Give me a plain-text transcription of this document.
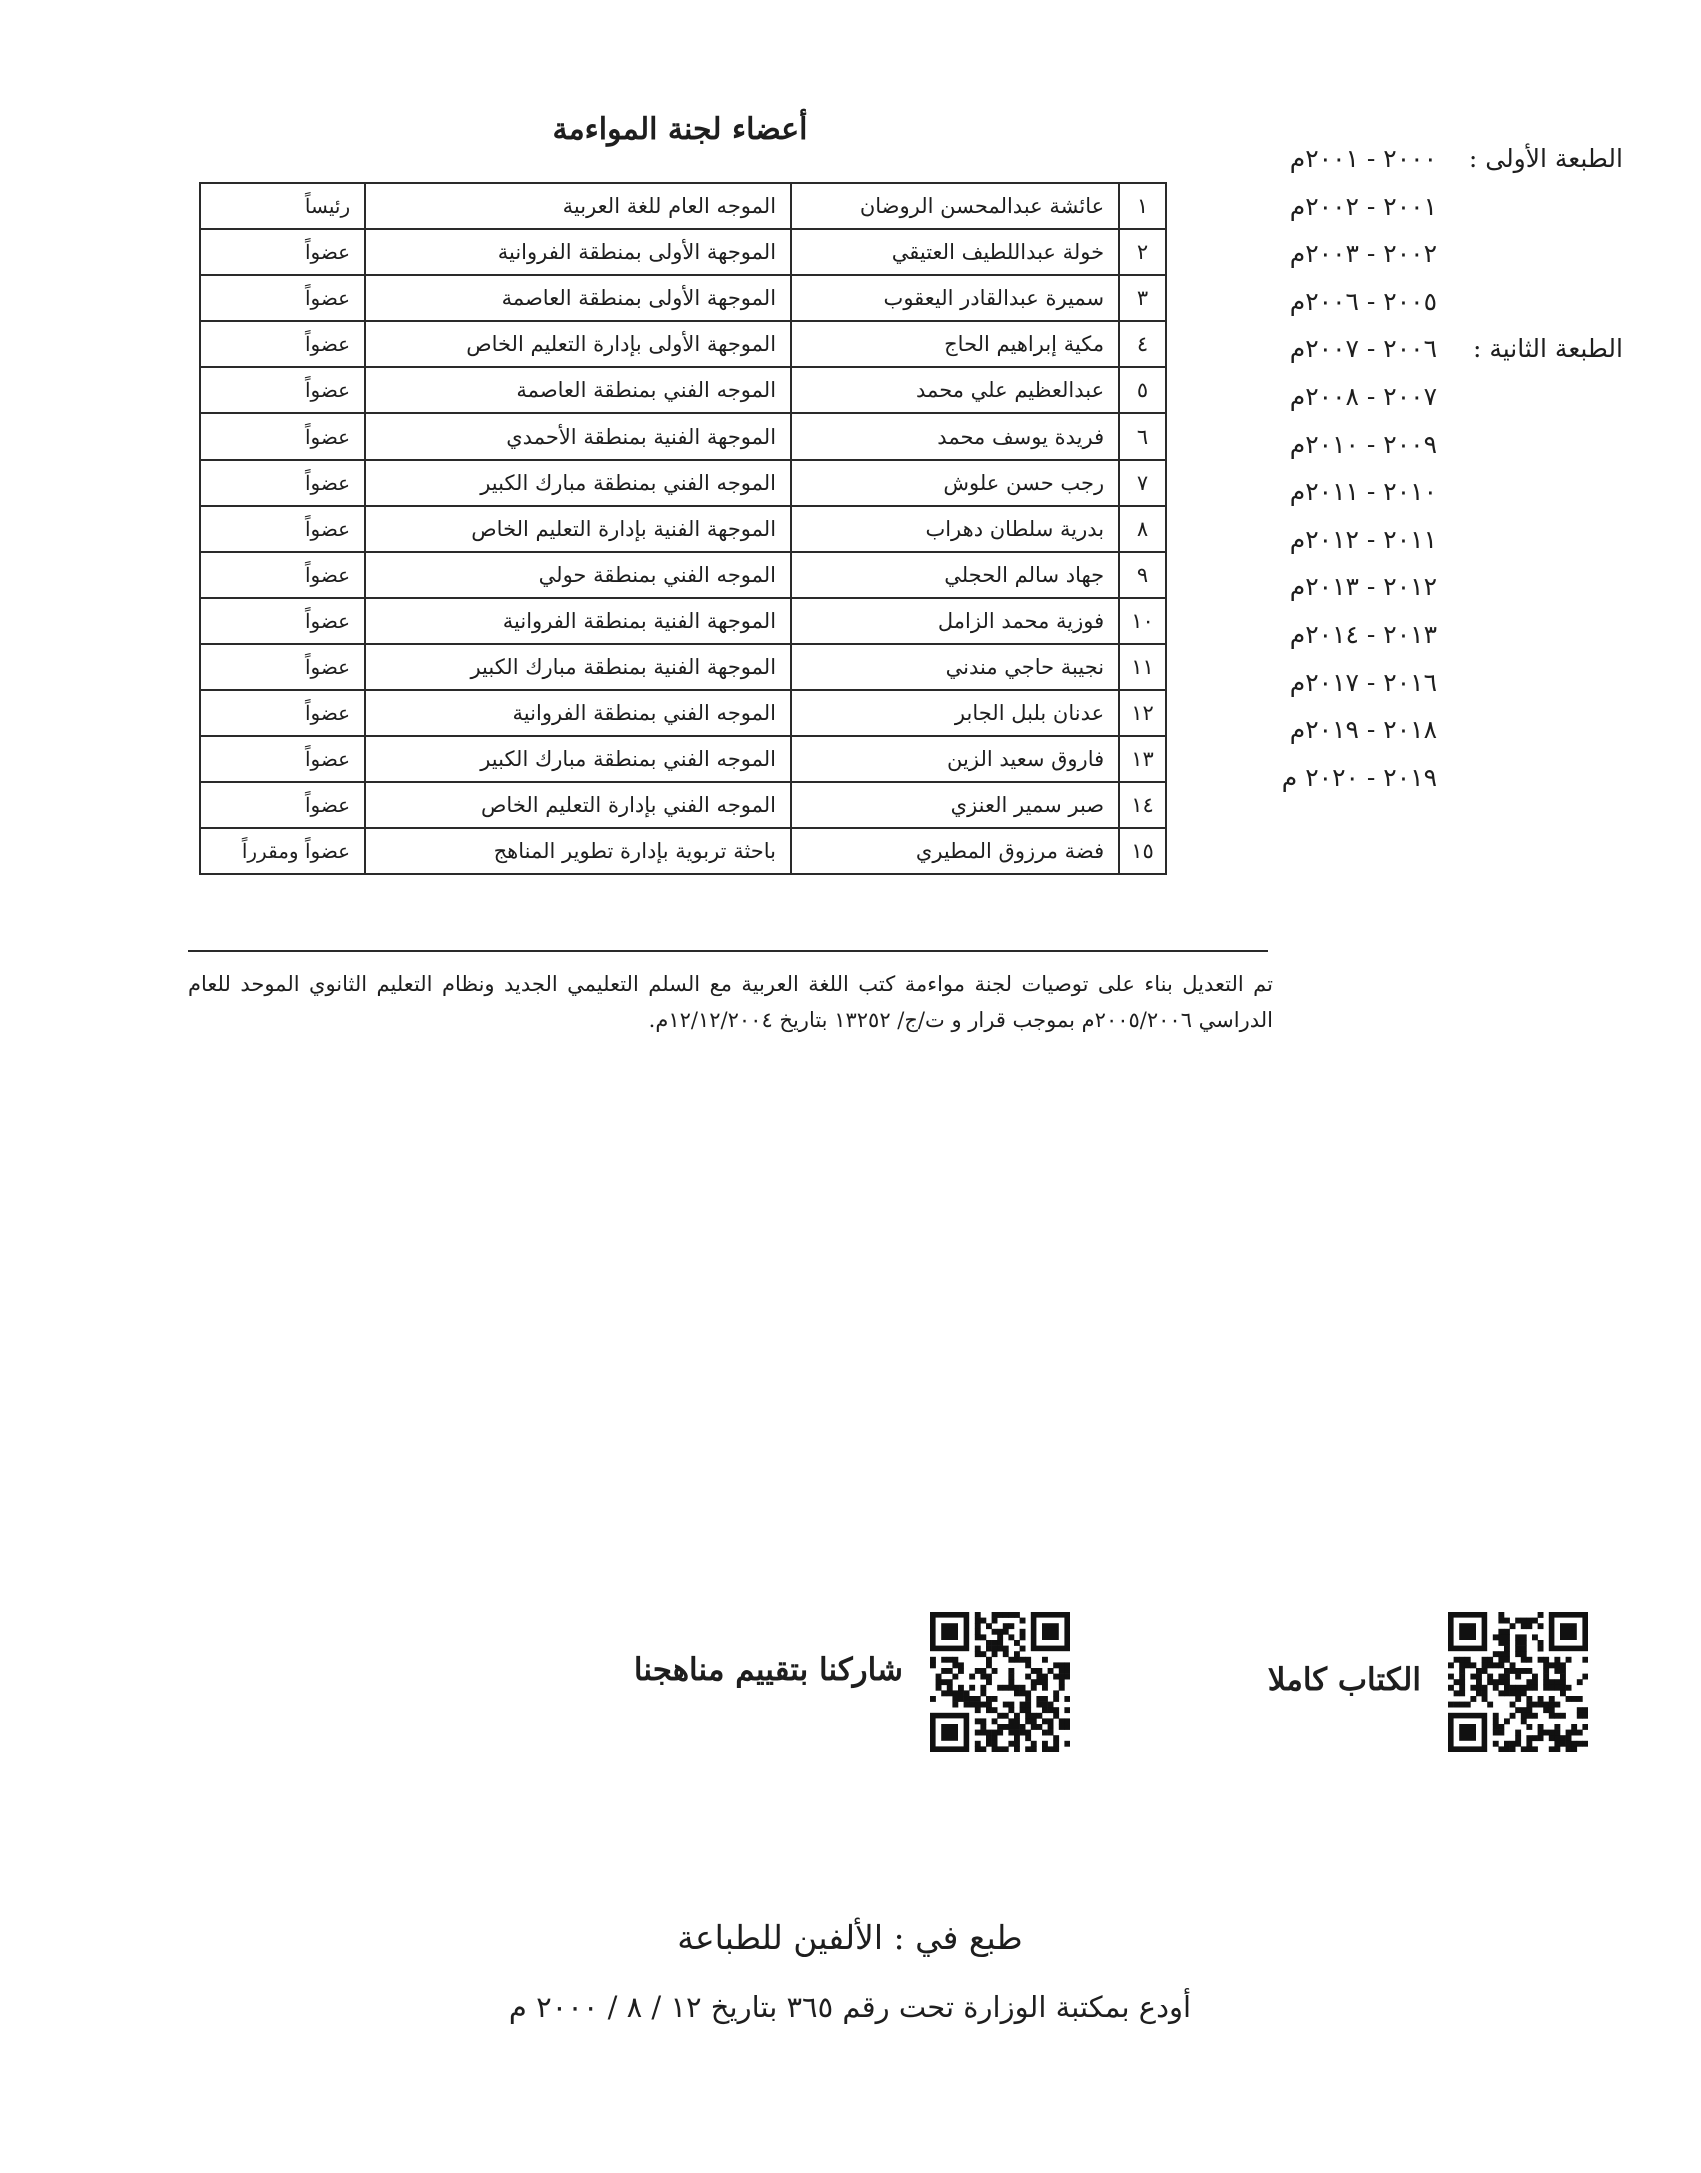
أعضاء لجنة المواءمة
١	عائشة عبدالمحسن الروضان	الموجه العام للغة العربية	رئيساً
٢	خولة عبداللطيف العتيقي	الموجهة الأولى بمنطقة الفروانية	عضواً
٣	سميرة عبدالقادر اليعقوب	الموجهة الأولى بمنطقة العاصمة	عضواً
٤	مكية إبراهيم الحاج	الموجهة الأولى بإدارة التعليم الخاص	عضواً
٥	عبدالعظيم علي محمد	الموجه الفني بمنطقة العاصمة	عضواً
٦	فريدة يوسف محمد	الموجهة الفنية بمنطقة الأحمدي	عضواً
٧	رجب حسن علوش	الموجه الفني بمنطقة مبارك الكبير	عضواً
٨	بدرية سلطان دهراب	الموجهة الفنية بإدارة التعليم الخاص	عضواً
٩	جهاد سالم الحجلي	الموجه الفني بمنطقة حولي	عضواً
١٠	فوزية محمد الزامل	الموجهة الفنية بمنطقة الفروانية	عضواً
١١	نجيبة حاجي مندني	الموجهة الفنية بمنطقة مبارك الكبير	عضواً
١٢	عدنان بلبل الجابر	الموجه الفني بمنطقة الفروانية	عضواً
١٣	فاروق سعيد الزين	الموجه الفني بمنطقة مبارك الكبير	عضواً
١٤	صبر سمير العنزي	الموجه الفني بإدارة التعليم الخاص	عضواً
١٥	فضة مرزوق المطيري	باحثة تربوية بإدارة تطوير المناهج	عضواً ومقرراً
الطبعة الأولى :
٢٠٠٠ - ٢٠٠١م
٢٠٠١ - ٢٠٠٢م
٢٠٠٢ - ٢٠٠٣م
٢٠٠٥ - ٢٠٠٦م
الطبعة الثانية :
٢٠٠٦ - ٢٠٠٧م
٢٠٠٧ - ٢٠٠٨م
٢٠٠٩ - ٢٠١٠م
٢٠١٠ - ٢٠١١م
٢٠١١ - ٢٠١٢م
٢٠١٢ - ٢٠١٣م
٢٠١٣ - ٢٠١٤م
٢٠١٦ - ٢٠١٧م
٢٠١٨ - ٢٠١٩م
٢٠١٩ - ٢٠٢٠ م
تم التعديل بناء على توصيات لجنة مواءمة كتب اللغة العربية مع السلم التعليمي الجديد ونظام التعليم الثانوي الموحد للعام الدراسي ٢٠٠٥/٢٠٠٦م بموجب قرار و ت/ج/ ١٣٢٥٢ بتاريخ ١٢/١٢/٢٠٠٤م.
الكتاب كاملا
شاركنا بتقييم مناهجنا
طبع في : الألفين للطباعة
أودع بمكتبة الوزارة تحت رقم ٣٦٥ بتاريخ ١٢ / ٨ / ٢٠٠٠ م
